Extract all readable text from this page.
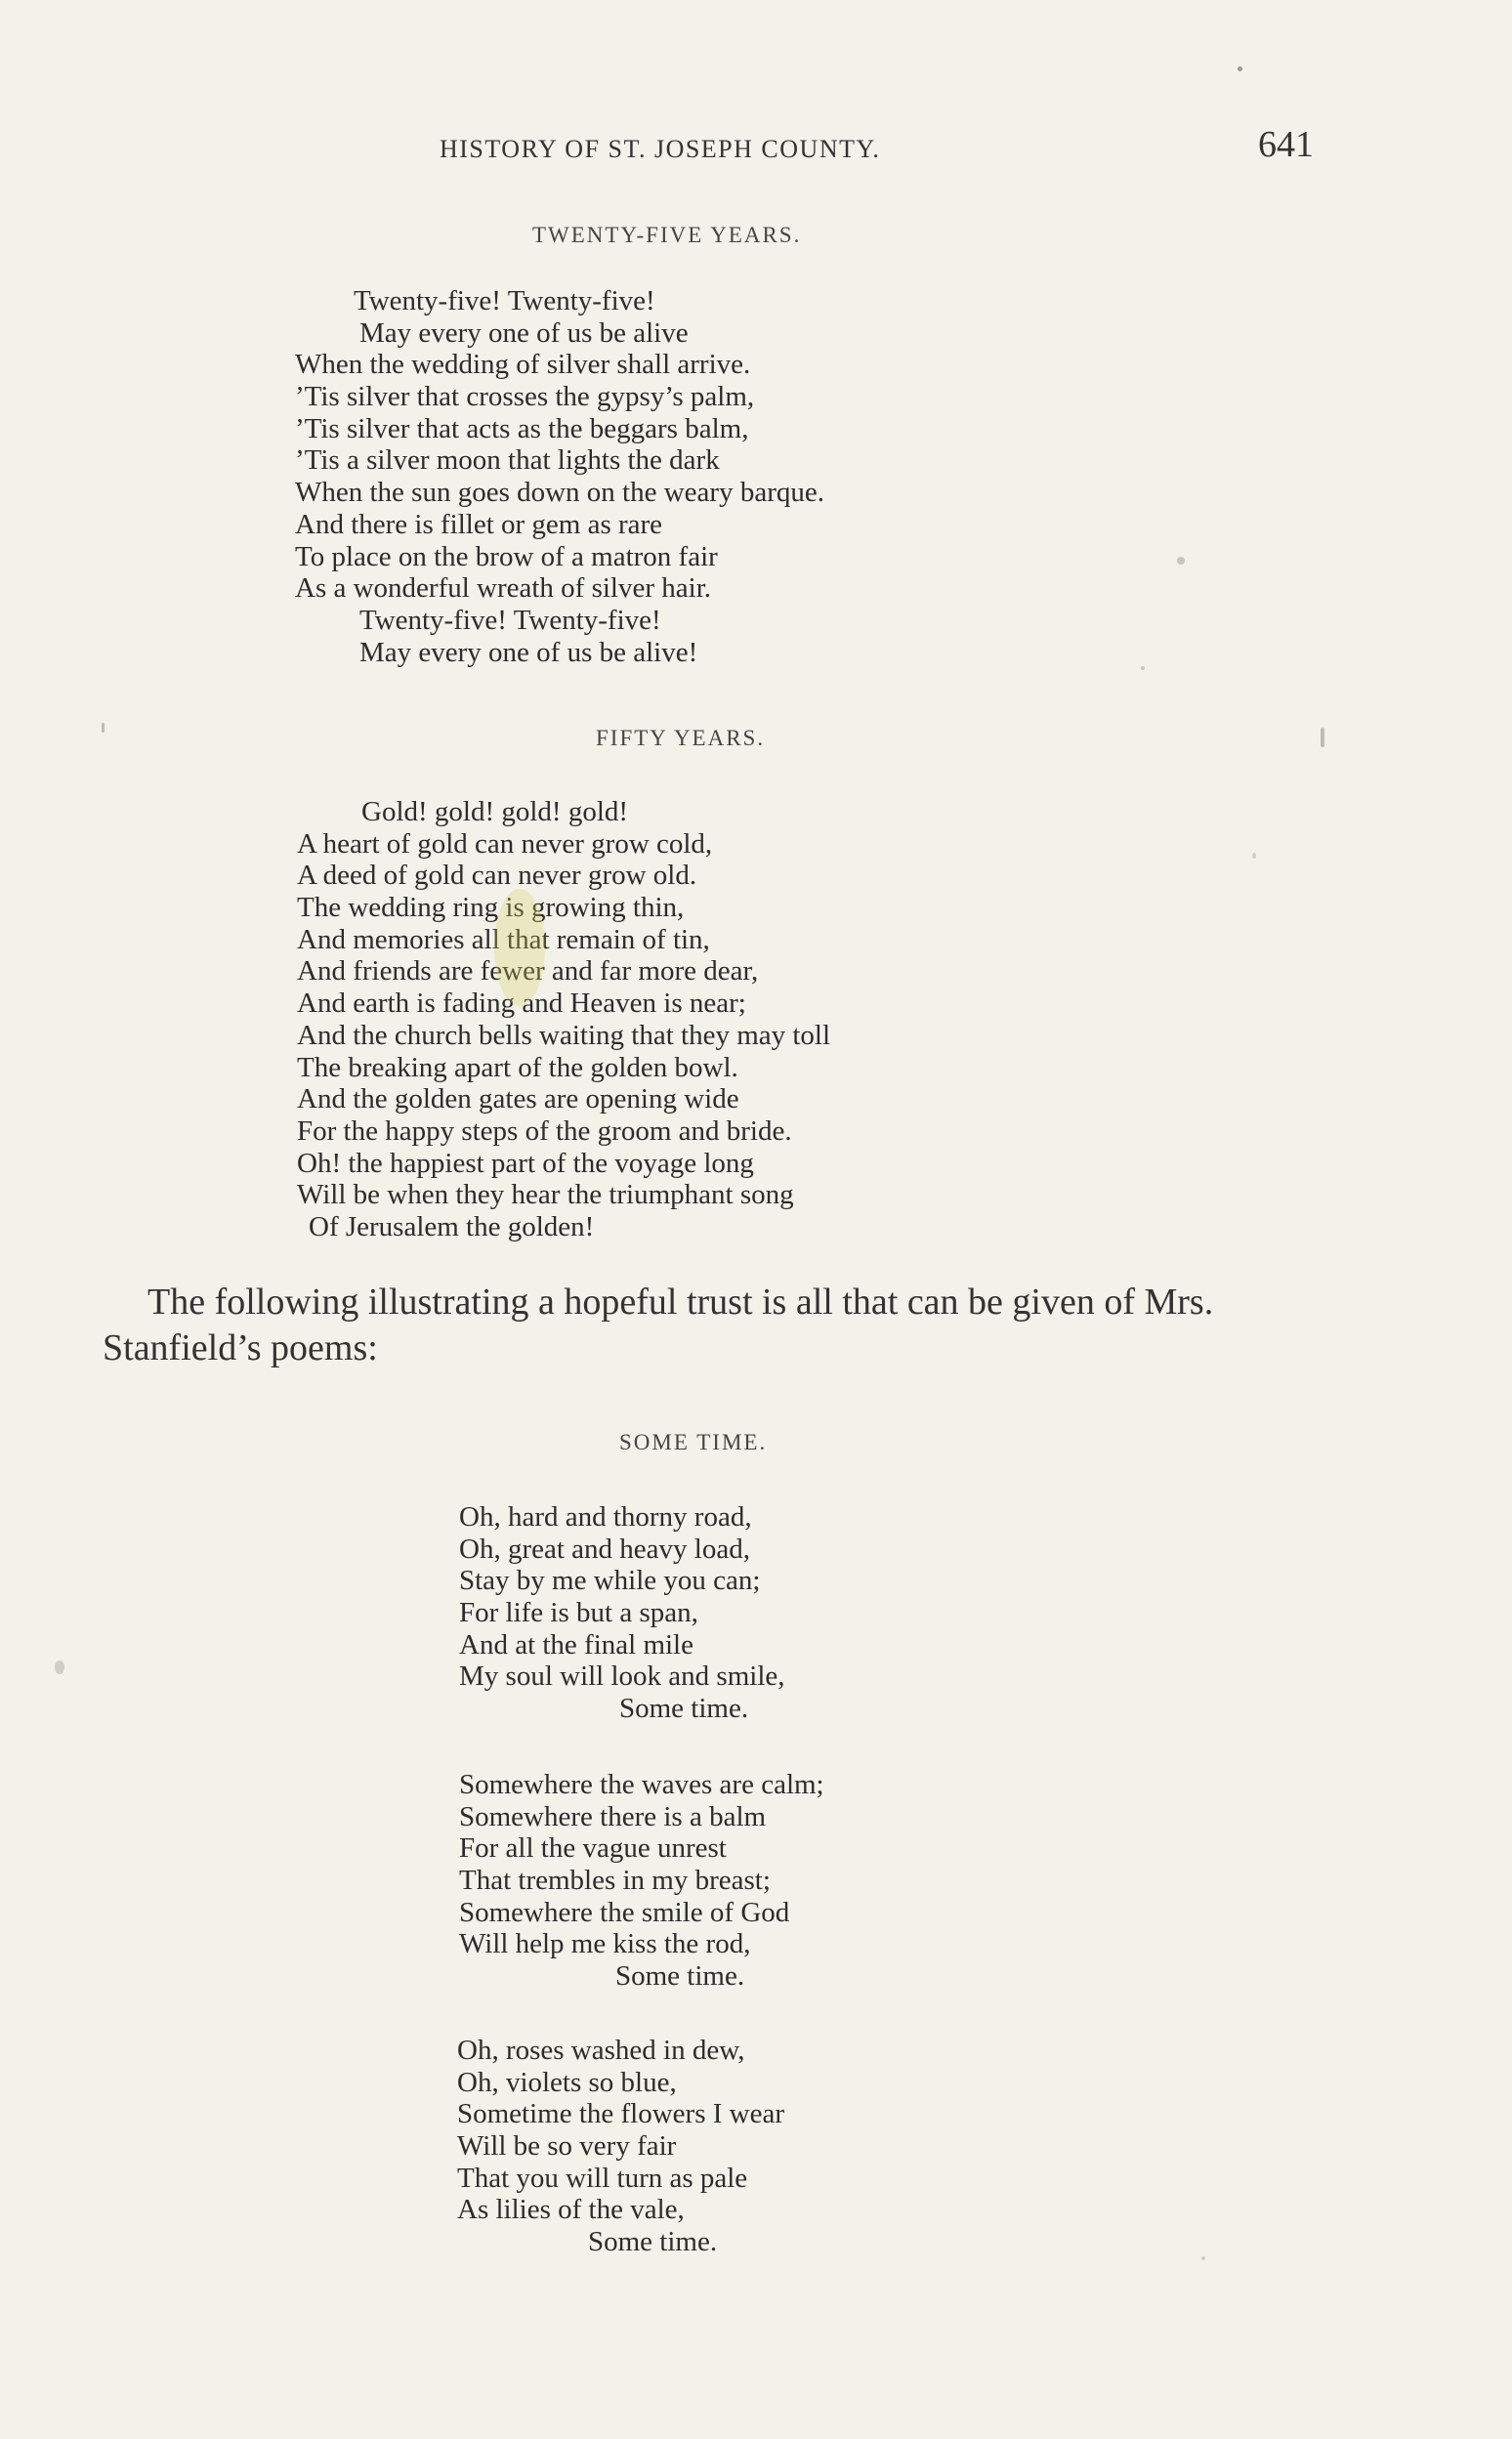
HISTORY OF ST. JOSEPH COUNTY.	641
TWENTY-FIVE YEARS.
Twenty-five! Twenty-five!
May every one of us be alive
When the wedding of silver shall arrive.
’Tis silver that crosses the gypsy’s palm,
’Tis silver that acts as the beggars balm,
’Tis a silver moon that lights the dark
When the sun goes down on the weary barque.
And there is fillet or gem as rare
To place on the brow of a matron fair
As a wonderful wreath of silver hair.
Twenty-five! Twenty-five!
May every one of us be alive!
FIFTY YEARS.
Gold! gold! gold! gold!
A heart of gold can never grow cold,
A deed of gold can never grow old.
The wedding ring is growing thin,
And memories all that remain of tin,
And friends are fewer and far more dear,
And earth is fading and Heaven is near;
And the church bells waiting that they may toll
The breaking apart of the golden bowl.
And the golden gates are opening wide
For the happy steps of the groom and bride.
Oh! the happiest part of the voyage long
Will be when they hear the triumphant song
Of Jerusalem the golden!
The following illustrating a hopeful trust is all that can be given of Mrs. Stanfield’s poems:
SOME TIME.
Oh, hard and thorny road,
Oh, great and heavy load,
Stay by me while you can;
For life is but a span,
And at the final mile
My soul will look and smile,
Some time.
Somewhere the waves are calm;
Somewhere there is a balm
For all the vague unrest
That trembles in my breast;
Somewhere the smile of God
Will help me kiss the rod,
Some time.
Oh, roses washed in dew,
Oh, violets so blue,
Sometime the flowers I wear
Will be so very fair
That you will turn as pale
As lilies of the vale,
Some time.
